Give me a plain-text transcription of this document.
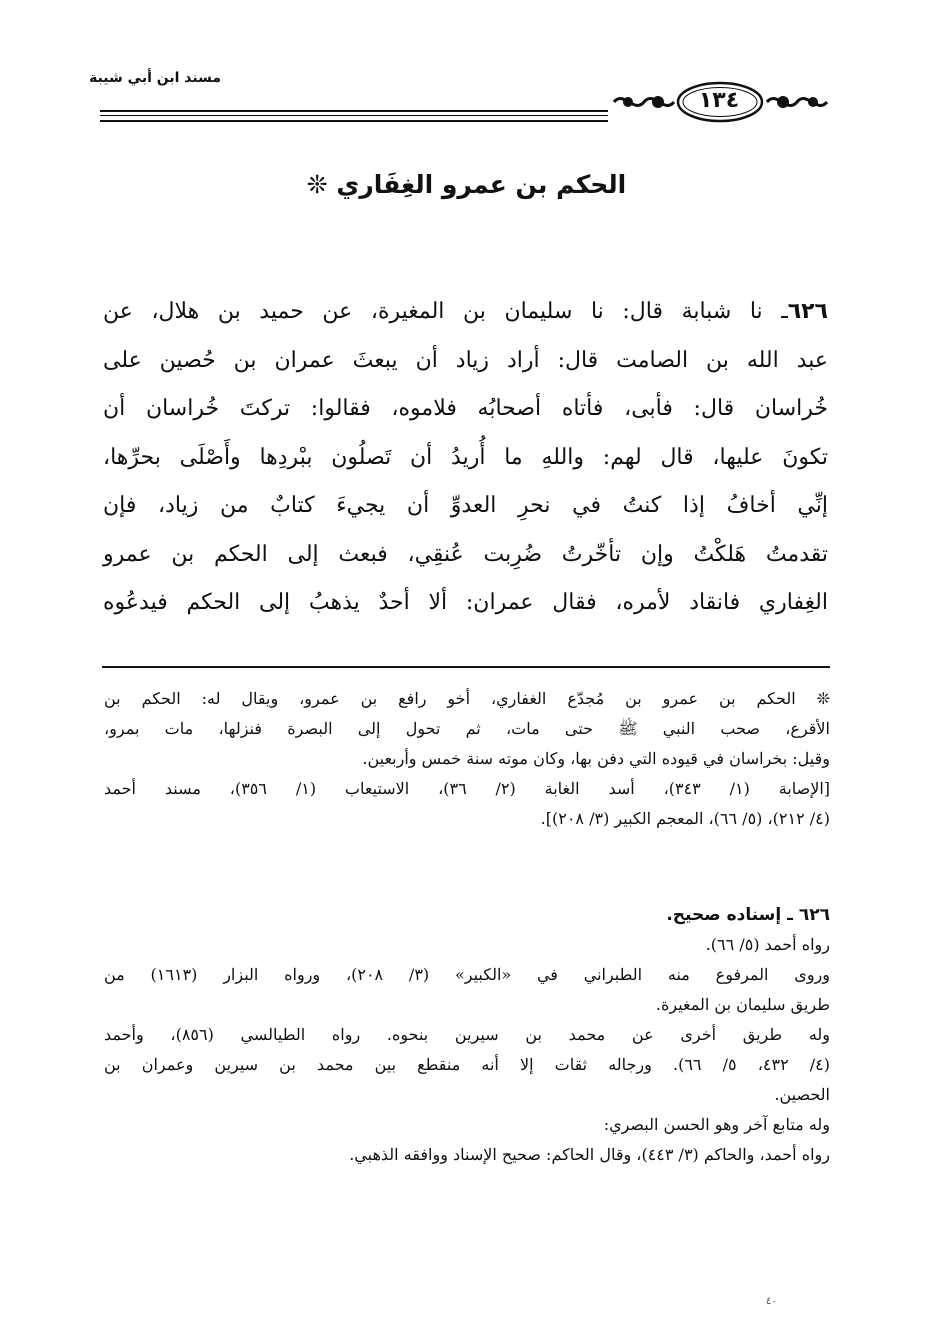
مسند ابن أبي شيبة
١٣٤
الحكم بن عمرو الغِفَاري ❊
٦٢٦ـ نا شبابة قال: نا سليمان بن المغيرة، عن حميد بن هلال، عن
عبد الله بن الصامت قال: أراد زياد أن يبعثَ عمران بن حُصين على
خُراسان قال: فأبى، فأتاه أصحابُه فلاموه، فقالوا: تركتَ خُراسان أن
تكونَ عليها، قال لهم: واللهِ ما أُريدُ أن تَصلُون ببْردِها وأَصْلَى بحرِّها،
إنِّي أخافُ إذا كنتُ في نحرِ العدوِّ أن يجيءَ كتابٌ من زياد، فإن
تقدمتُ هَلكْتُ وإن تأخّرتُ ضُرِبت عُنقِي، فبعث إلى الحكم بن عمرو
الغِفاري فانقاد لأمره، فقال عمران: ألا أحدٌ يذهبُ إلى الحكم فيدعُوه
❊ الحكم بن عمرو بن مُجدّع الغفاري، أخو رافع بن عمرو، ويقال له: الحكم بن
الأقرع، صحب النبي ﷺ حتى مات، ثم تحول إلى البصرة فنزلها، مات بمرو،
وقيل: بخراسان في قيوده التي دفن بها، وكان موته سنة خمس وأربعين.
[الإصابة (١/ ٣٤٣)، أسد الغابة (٢/ ٣٦)، الاستيعاب (١/ ٣٥٦)، مسند أحمد
(٤/ ٢١٢)، (٥/ ٦٦)، المعجم الكبير (٣/ ٢٠٨)].
٦٢٦ ـ إسناده صحيح.
رواه أحمد (٥/ ٦٦).
وروى المرفوع منه الطبراني في «الكبير» (٣/ ٢٠٨)، ورواه البزار (١٦١٣) من
طريق سليمان بن المغيرة.
وله طريق أخرى عن محمد بن سيرين بنحوه. رواه الطيالسي (٨٥٦)، وأحمد
(٤/ ٤٣٢، ٥/ ٦٦). ورجاله ثقات إلا أنه منقطع بين محمد بن سيرين وعمران بن
الحصين.
وله متابع آخر وهو الحسن البصري:
رواه أحمد، والحاكم (٣/ ٤٤٣)، وقال الحاكم: صحيح الإسناد ووافقه الذهبي.
٤٠
